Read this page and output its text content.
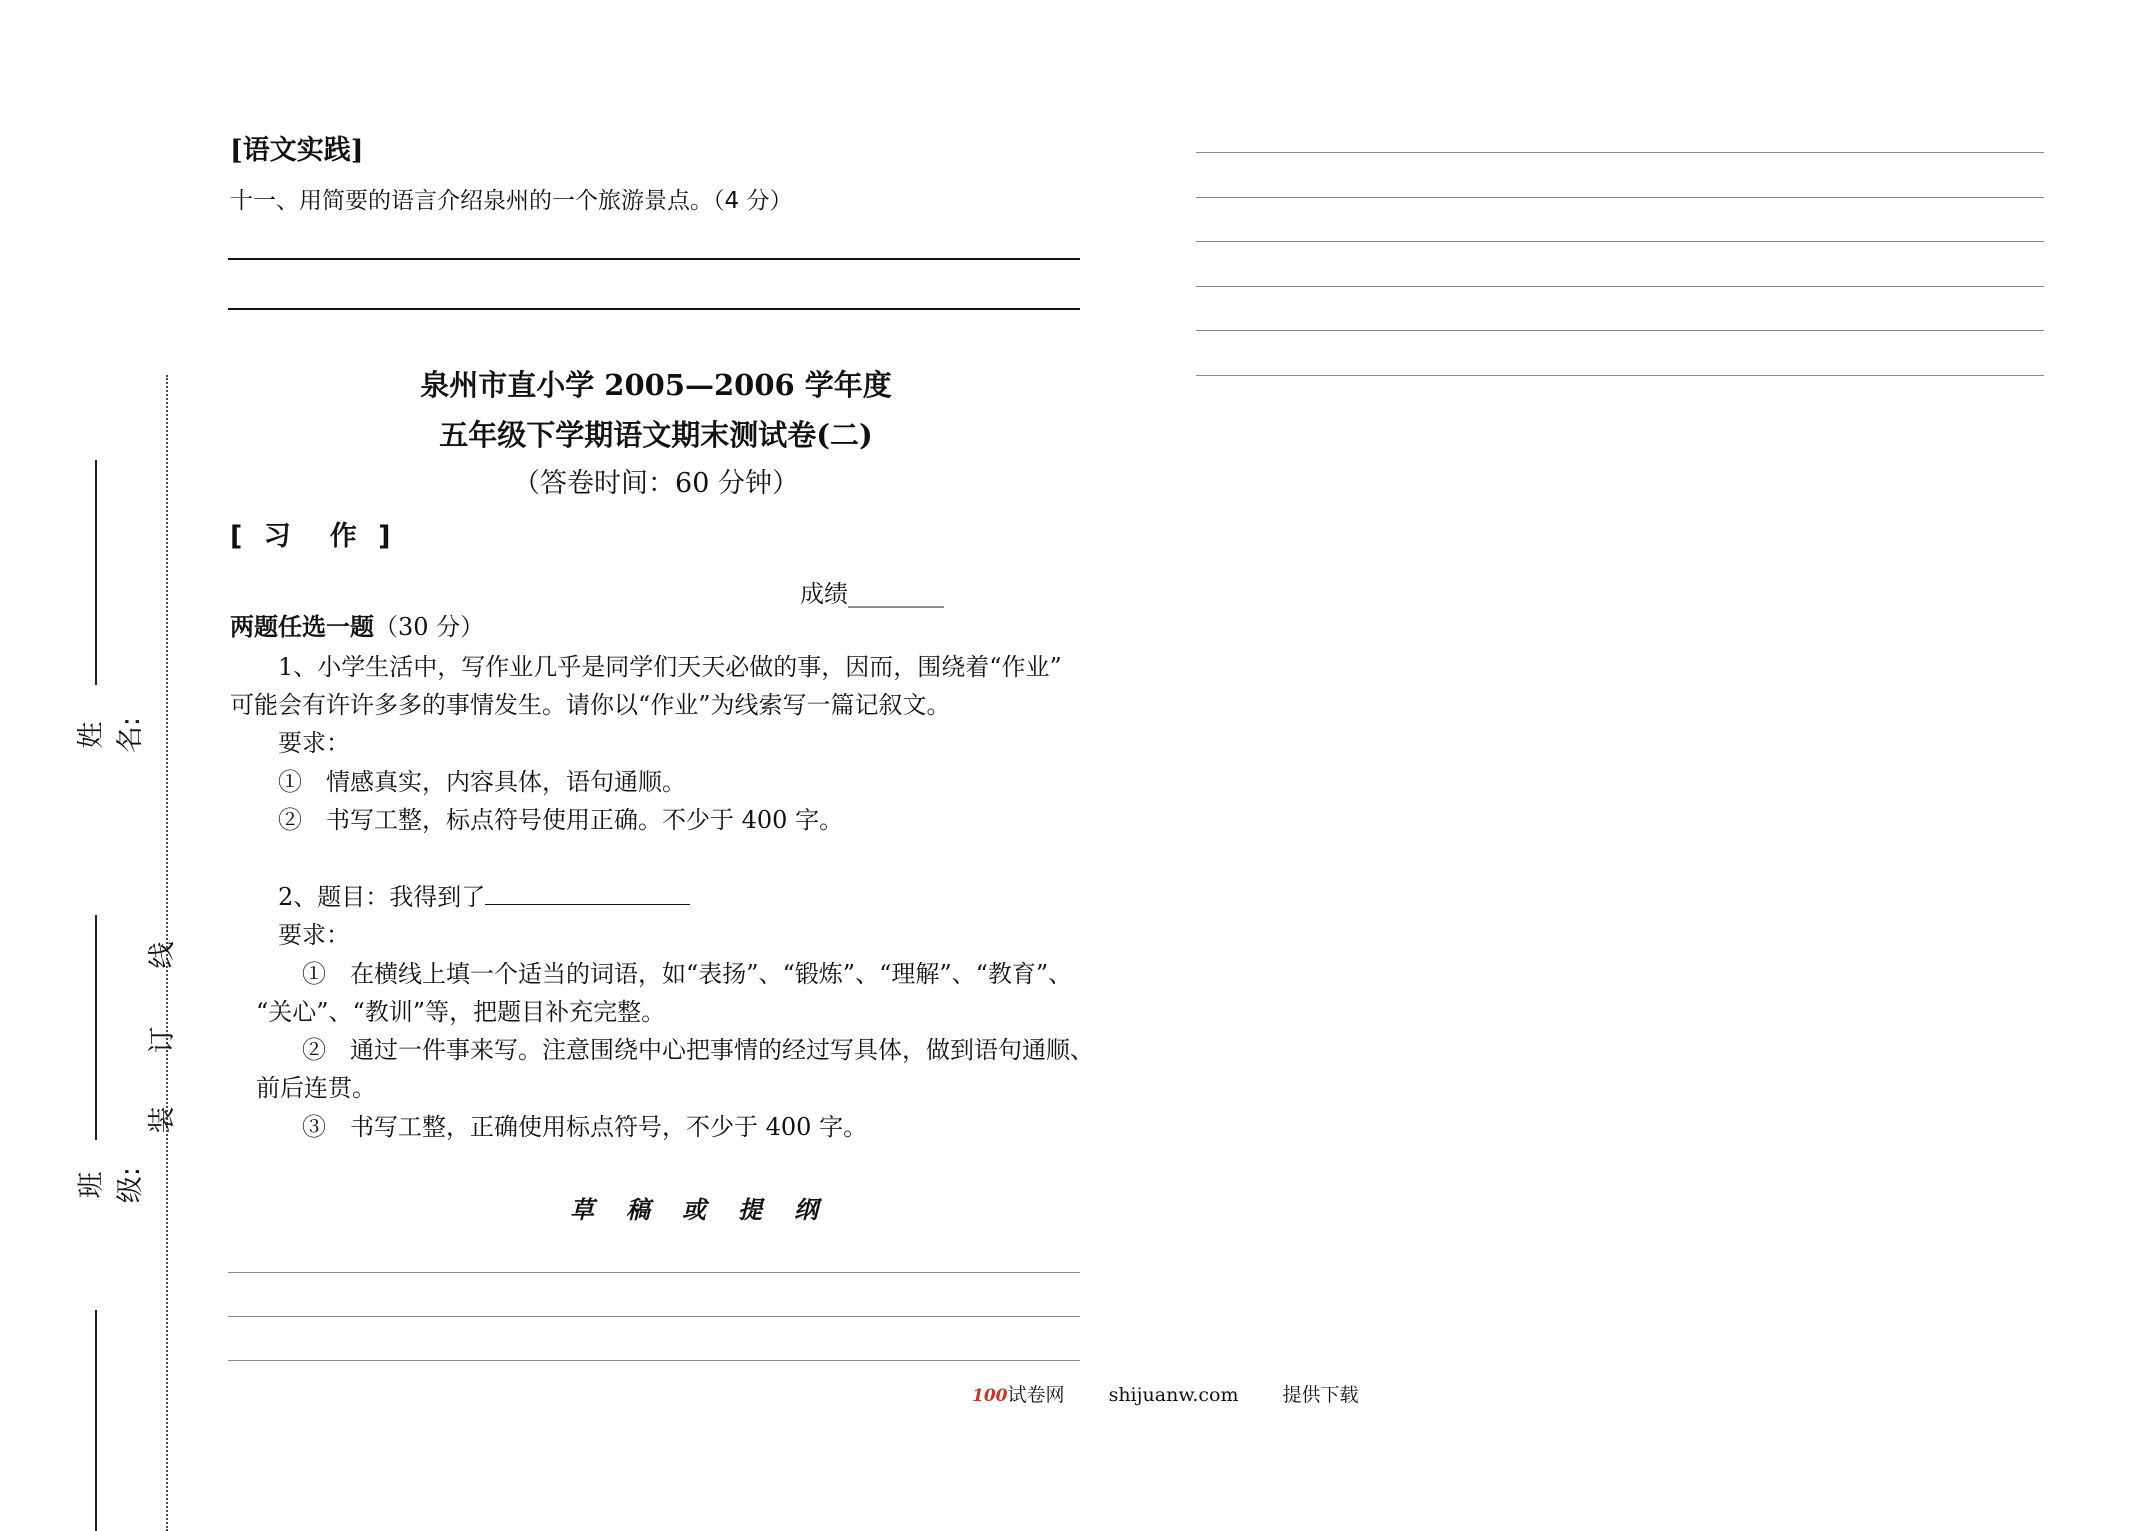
姓名:
班级:
装
订
线
[语文实践]
十一、用简要的语言介绍泉州的一个旅游景点。（4 分）
泉州市直小学 2005—2006 学年度
五年级下学期语文期末测试卷(二)
（答卷时间：60 分钟）
[ 习　作 ]
成绩________
两题任选一题（30 分）
1、小学生活中，写作业几乎是同学们天天必做的事，因而，围绕着“作业”
可能会有许许多多的事情发生。请你以“作业”为线索写一篇记叙文。
要求：
①　情感真实，内容具体，语句通顺。
②　书写工整，标点符号使用正确。不少于 400 字。
2、题目：我得到了
要求：
①　在横线上填一个适当的词语，如“表扬”、“锻炼”、“理解”、“教育”、
“关心”、“教训”等，把题目补充完整。
②　通过一件事来写。注意围绕中心把事情的经过写具体，做到语句通顺、
前后连贯。
③　书写工整，正确使用标点符号，不少于 400 字。
草　稿　或　提　纲
100试卷网 shijuanw.com 提供下载
